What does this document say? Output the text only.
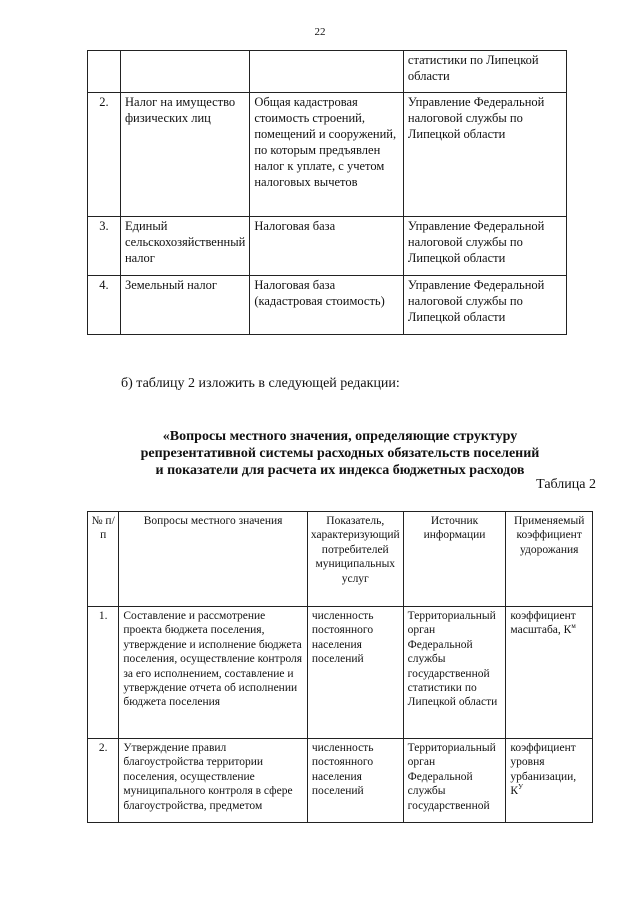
22
			статистики по Липецкой области
2.	Налог на имущество физических лиц	Общая кадастровая стоимость строений, помещений и сооружений, по которым предъявлен налог к уплате, с учетом налоговых вычетов	Управление Федеральной налоговой службы по Липецкой области
3.	Единый сельскохозяйственный налог	Налоговая база	Управление Федеральной налоговой службы по Липецкой области
4.	Земельный налог	Налоговая база (кадастровая стоимость)	Управление Федеральной налоговой службы по Липецкой области
б) таблицу 2 изложить в следующей редакции:
«Вопросы местного значения, определяющие структуру
репрезентативной системы расходных обязательств поселений
и показатели для расчета их индекса бюджетных расходов
Таблица 2
№ п/п	Вопросы местного значения	Показатель, характеризующий потребителей муниципальных услуг	Источник информации	Применяемый коэффициент удорожания
1.	Составление и рассмотрение проекта бюджета поселения, утверждение и исполнение бюджета поселения, осуществление контроля за его исполнением, составление и утверждение отчета об исполнении бюджета поселения	численность постоянного населения поселений	Территориальный орган Федеральной службы государственной статистики по Липецкой области	коэффициент масштаба, $К^м$
2.	Утверждение правил благоустройства территории поселения, осуществление муниципального контроля в сфере благоустройства, предметом	численность постоянного населения поселений	Территориальный орган Федеральной службы государственной	коэффициент уровня урбанизации, $К^У$
